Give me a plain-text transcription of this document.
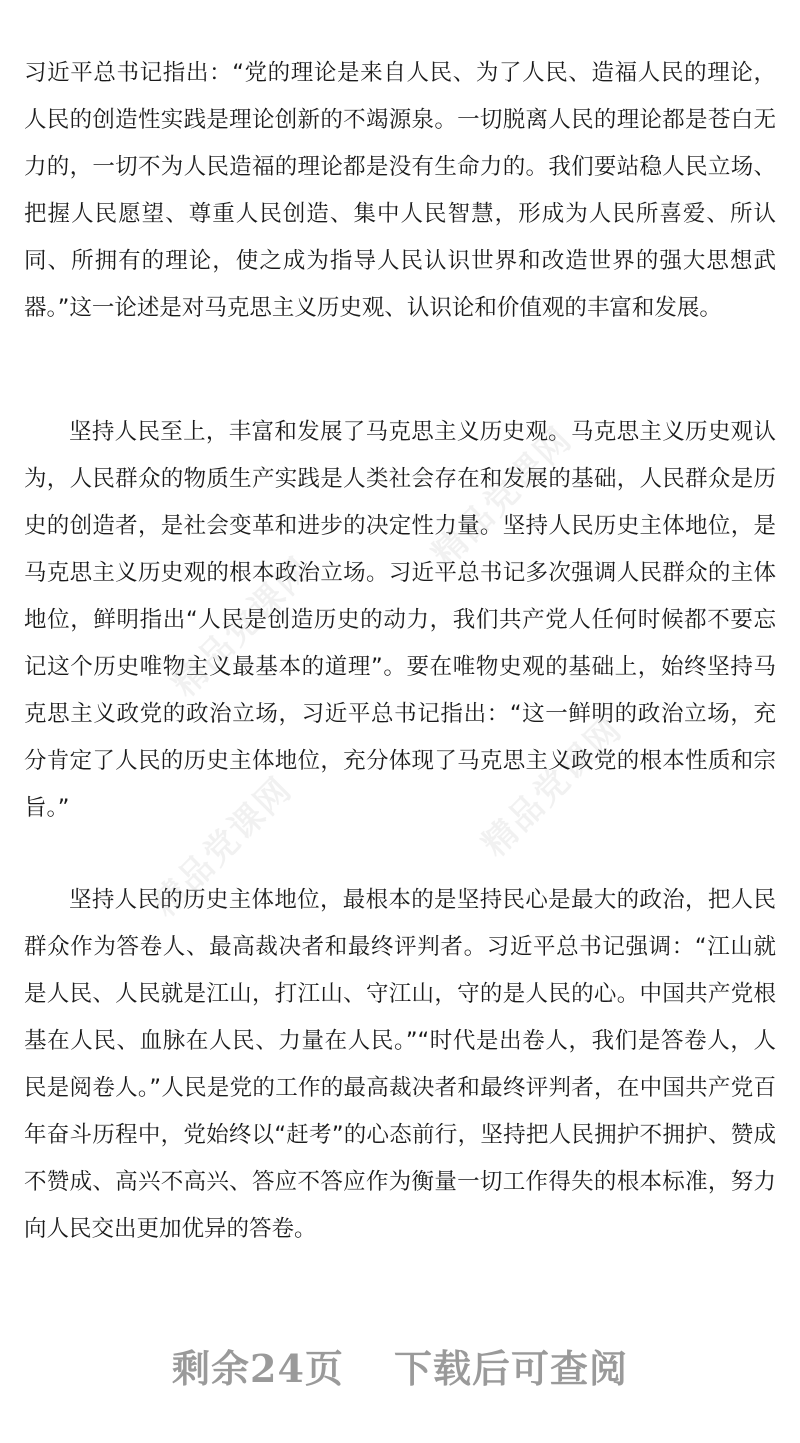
精品党课网
精品党课网
精品党课网	精品党课网

习近平总书记指出：“党的理论是来自人民、为了人民、造福人民的理论，人民的创造性实践是理论创新的不竭源泉。一切脱离人民的理论都是苍白无力的，一切不为人民造福的理论都是没有生命力的。我们要站稳人民立场、把握人民愿望、尊重人民创造、集中人民智慧，形成为人民所喜爱、所认同、所拥有的理论，使之成为指导人民认识世界和改造世界的强大思想武器。”这一论述是对马克思主义历史观、认识论和价值观的丰富和发展。

坚持人民至上，丰富和发展了马克思主义历史观。马克思主义历史观认为，人民群众的物质生产实践是人类社会存在和发展的基础，人民群众是历史的创造者，是社会变革和进步的决定性力量。坚持人民历史主体地位，是马克思主义历史观的根本政治立场。习近平总书记多次强调人民群众的主体地位，鲜明指出“人民是创造历史的动力，我们共产党人任何时候都不要忘记这个历史唯物主义最基本的道理”。要在唯物史观的基础上，始终坚持马克思主义政党的政治立场，习近平总书记指出：“这一鲜明的政治立场，充分肯定了人民的历史主体地位，充分体现了马克思主义政党的根本性质和宗旨。”

坚持人民的历史主体地位，最根本的是坚持民心是最大的政治，把人民群众作为答卷人、最高裁决者和最终评判者。习近平总书记强调：“江山就是人民、人民就是江山，打江山、守江山，守的是人民的心。中国共产党根基在人民、血脉在人民、力量在人民。”“时代是出卷人，我们是答卷人，人民是阅卷人。”人民是党的工作的最高裁决者和最终评判者，在中国共产党百年奋斗历程中，党始终以“赶考”的心态前行，坚持把人民拥护不拥护、赞成不赞成、高兴不高兴、答应不答应作为衡量一切工作得失的根本标准，努力向人民交出更加优异的答卷。

剩余24页 下载后可查阅
